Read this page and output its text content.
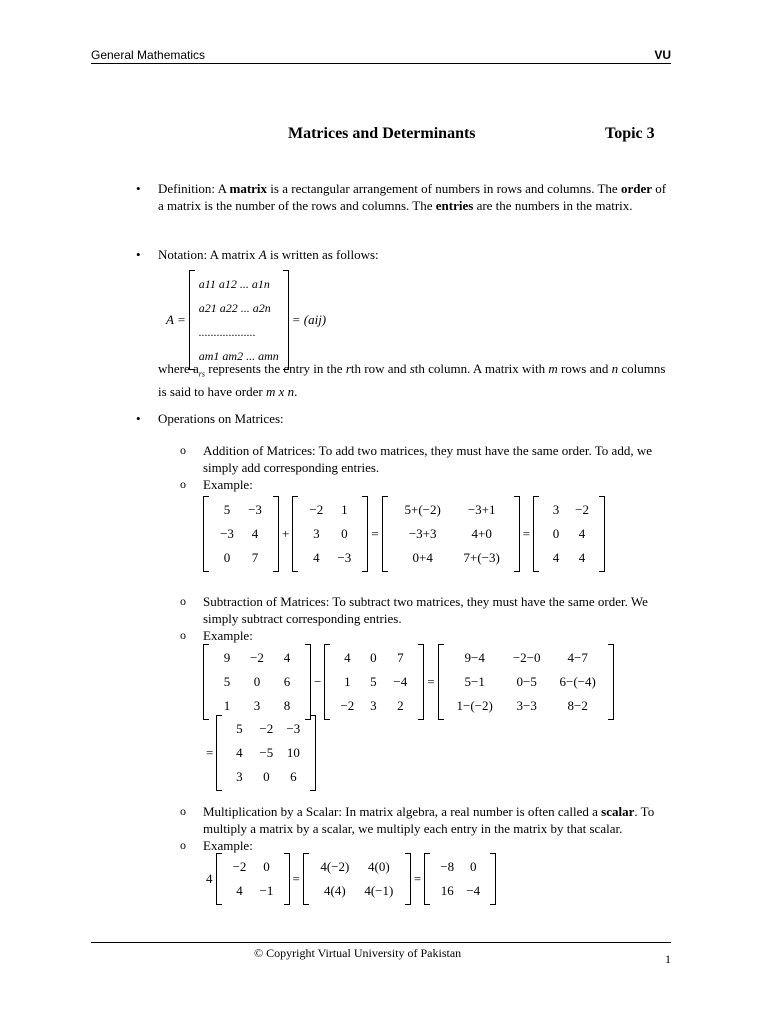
General Mathematics	VU
Matrices and Determinants	Topic 3
• Definition: A matrix is a rectangular arrangement of numbers in rows and columns. The order of a matrix is the number of the rows and columns. The entries are the numbers in the matrix.
• Notation: A matrix A is written as follows:
A =
a11 a12 ... a1n
a21 a22 ... a2n
...................
am1 am2 ... amn
= (aij)
where $a_{rs}$ represents the entry in the rth row and sth column. A matrix with m rows and n columns is said to have order m x n.
• Operations on Matrices:
o Addition of Matrices: To add two matrices, they must have the same order. To add, we simply add corresponding entries.
o Example:
5	−3
−3	4
0	7
+
−2	1
3	0
4	−3
=
5+(−2)	−3+1
−3+3	4+0
0+4	7+(−3)
=
3	−2
0	4
4	4
o Subtraction of Matrices: To subtract two matrices, they must have the same order. We simply subtract corresponding entries.
o Example:
9	−2	4
5	0	6
1	3	8
−
4	0	7
1	5	−4
−2	3	2
=
9−4	−2−0	4−7
5−1	0−5	6−(−4)
1−(−2)	3−3	8−2
=
5	−2	−3
4	−5	10
3	0	6
o Multiplication by a Scalar: In matrix algebra, a real number is often called a scalar. To multiply a matrix by a scalar, we multiply each entry in the matrix by that scalar.
o Example:
4
−2	0
4	−1
=
4(−2)	4(0)
4(4)	4(−1)
=
−8	0
16 −4
© Copyright Virtual University of Pakistan	1
